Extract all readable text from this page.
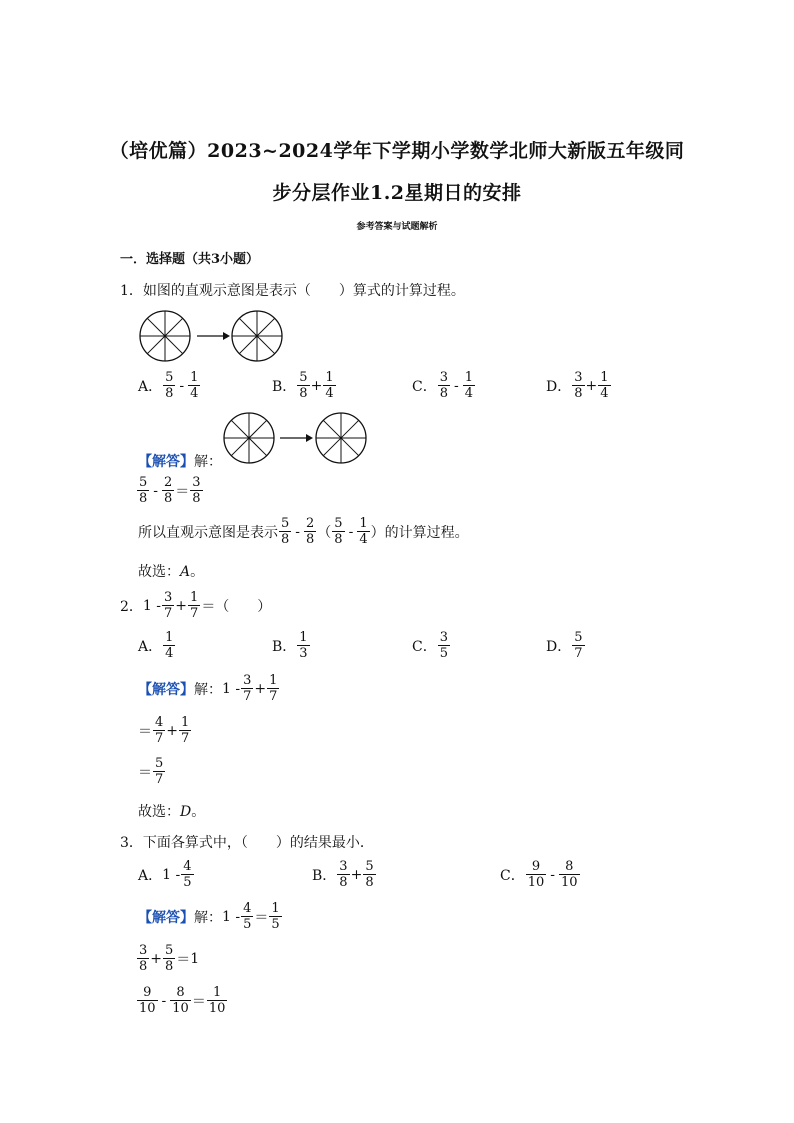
（培优篇）2023~2024学年下学期小学数学北师大新版五年级同
步分层作业1.2星期日的安排
参考答案与试题解析
一．选择题（共3小题）
1．如图的直观示意图是表示（　　）算式的计算过程。
A． $\frac{5}{8} - \frac{1}{4}$	B． $\frac{5}{8} + \frac{1}{4}$	C． $\frac{3}{8} - \frac{1}{4}$	D． $\frac{3}{8} + \frac{1}{4}$
【解答】解：
$\frac{5}{8} - \frac{2}{8} = \frac{3}{8}$
所以直观示意图是表示 $\frac{5}{8} - \frac{2}{8}$ （ $\frac{5}{8} - \frac{1}{4}$ ） 的计算过程。
故选：A。
2． $1 - \frac{3}{7} + \frac{1}{7}$ ＝（　　）
A． $\frac{1}{4}$	B． $\frac{1}{3}$	C． $\frac{3}{5}$	D． $\frac{5}{7}$
【解答】 解： $1 - \frac{3}{7} + \frac{1}{7}$
＝ $\frac{4}{7} + \frac{1}{7}$
＝ $\frac{5}{7}$
故选：D。
3．下面各算式中，（　　）的结果最小．
A． $1 - \frac{4}{5}$	B． $\frac{3}{8} + \frac{5}{8}$	C． $\frac{9}{10} - \frac{8}{10}$
【解答】 解： $1 - \frac{4}{5} = \frac{1}{5}$
$\frac{3}{8} + \frac{5}{8} = 1$
$\frac{9}{10} - \frac{8}{10} = \frac{1}{10}$
